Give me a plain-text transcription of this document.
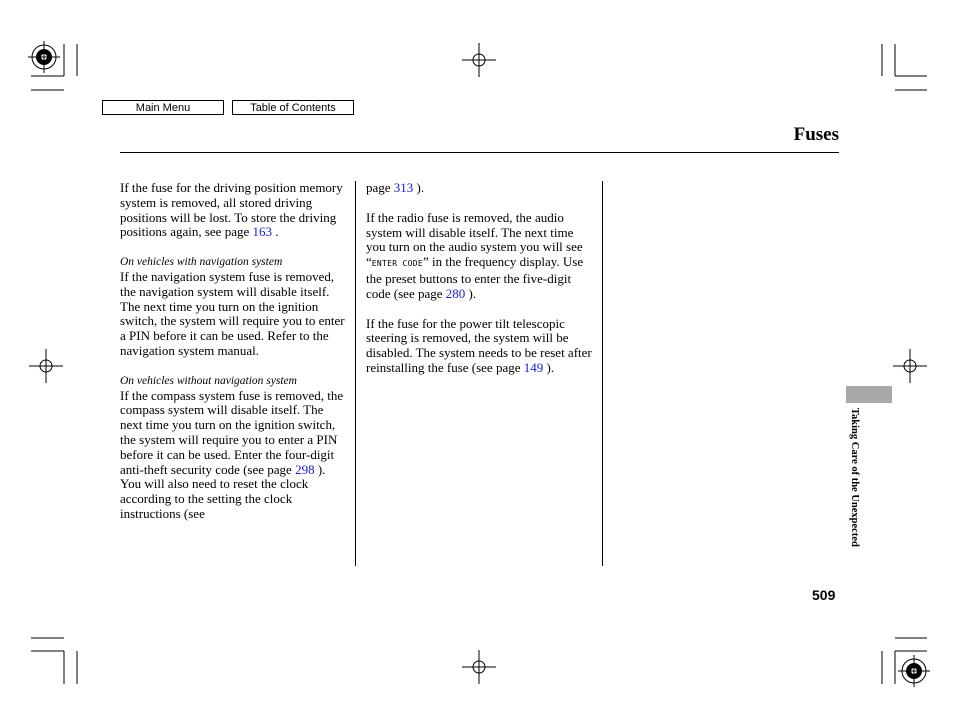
Main Menu	Table of Contents
Fuses

If the fuse for the driving position memory system is removed, all stored driving positions will be lost. To store the driving positions again, see page 163 .

On vehicles with navigation system

If the navigation system fuse is removed, the navigation system will disable itself. The next time you turn on the ignition switch, the system will require you to enter a PIN before it can be used. Refer to the navigation system manual.

On vehicles without navigation system

If the compass system fuse is removed, the compass system will disable itself. The next time you turn on the ignition switch, the system will require you to enter a PIN before it can be used. Enter the four-digit anti-theft security code (see page 298 ). You will also need to reset the clock according to the setting the clock instructions (see

page 313 ).

If the radio fuse is removed, the audio system will disable itself. The next time you turn on the audio system you will see “ENTER CODE” in the frequency display. Use the preset buttons to enter the five-digit code (see page 280 ).

If the fuse for the power tilt telescopic steering is removed, the system will be disabled. The system needs to be reset after reinstalling the fuse (see page 149 ).

Taking Care of the Unexpected
509
